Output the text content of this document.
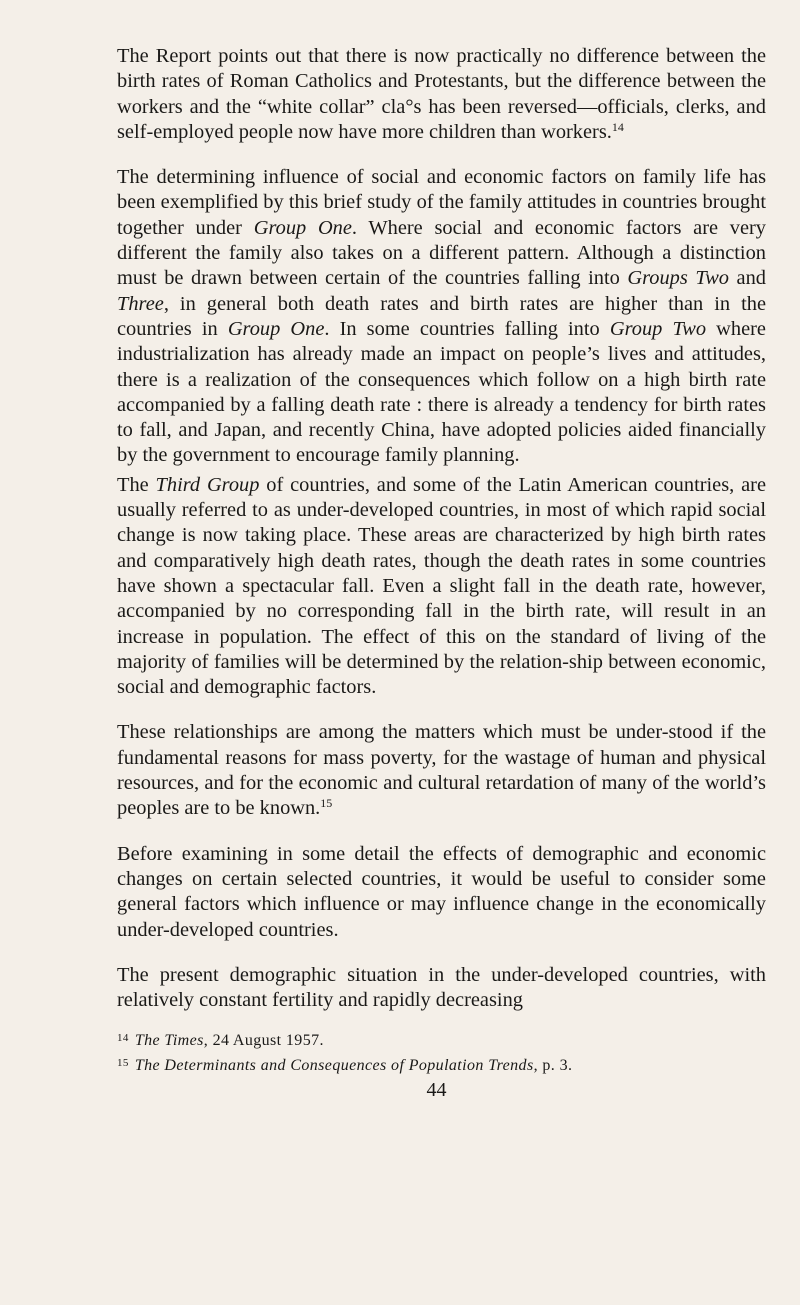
The Report points out that there is now practically no difference between the birth rates of Roman Catholics and Protestants, but the difference between the workers and the “white collar” cla°s has been reversed—officials, clerks, and self-employed people now have more children than workers.$^{14}$

The determining influence of social and economic factors on family life has been exemplified by this brief study of the family attitudes in countries brought together under Group One. Where social and economic factors are very different the family also takes on a different pattern. Although a distinction must be drawn between certain of the countries falling into Groups Two and Three, in general both death rates and birth rates are higher than in the countries in Group One. In some countries falling into Group Two where industrialization has already made an impact on people’s lives and attitudes, there is a realization of the consequences which follow on a high birth rate accompanied by a falling death rate : there is already a tendency for birth rates to fall, and Japan, and recently China, have adopted policies aided financially by the government to encourage family planning.

The Third Group of countries, and some of the Latin American countries, are usually referred to as under-developed countries, in most of which rapid social change is now taking place. These areas are characterized by high birth rates and comparatively high death rates, though the death rates in some countries have shown a spectacular fall. Even a slight fall in the death rate, however, accompanied by no corresponding fall in the birth rate, will result in an increase in population. The effect of this on the standard of living of the majority of families will be determined by the relation-ship between economic, social and demographic factors.

These relationships are among the matters which must be under-stood if the fundamental reasons for mass poverty, for the wastage of human and physical resources, and for the economic and cultural retardation of many of the world’s peoples are to be known.$^{15}$

Before examining in some detail the effects of demographic and economic changes on certain selected countries, it would be useful to consider some general factors which influence or may influence change in the economically under-developed countries.

The present demographic situation in the under-developed countries, with relatively constant fertility and rapidly decreasing

$^{14}$ The Times, 24 August 1957.

$^{15}$ The Determinants and Consequences of Population Trends, p. 3.

44
